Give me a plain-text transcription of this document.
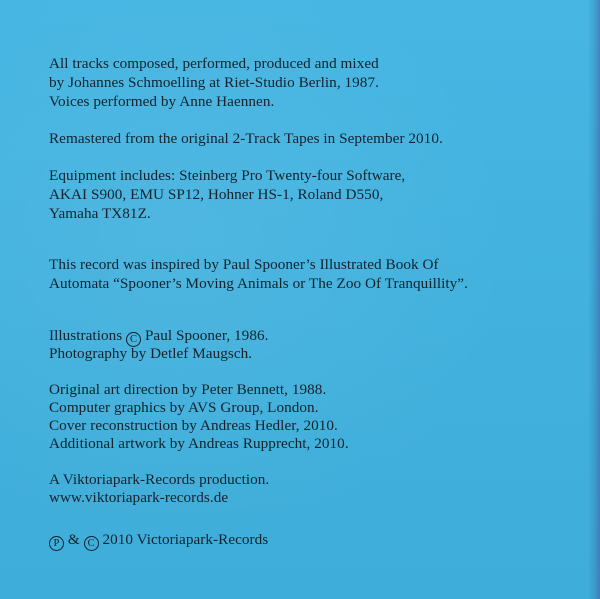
All tracks composed, performed, produced and mixed
by Johannes Schmoelling at Riet-Studio Berlin, 1987.
Voices performed by Anne Haennen.
Remastered from the original 2-Track Tapes in September 2010.
Equipment includes: Steinberg Pro Twenty-four Software,
AKAI S900, EMU SP12, Hohner HS-1, Roland D550,
Yamaha TX81Z.
This record was inspired by Paul Spooner’s Illustrated Book Of
Automata “Spooner’s Moving Animals or The Zoo Of Tranquillity”.
Illustrations C Paul Spooner, 1986.
Photography by Detlef Maugsch.
Original art direction by Peter Bennett, 1988.
Computer graphics by AVS Group, London.
Cover reconstruction by Andreas Hedler, 2010.
Additional artwork by Andreas Rupprecht, 2010.
A Viktoriapark-Records production.
www.viktoriapark-records.de
P & C 2010 Victoriapark-Records
